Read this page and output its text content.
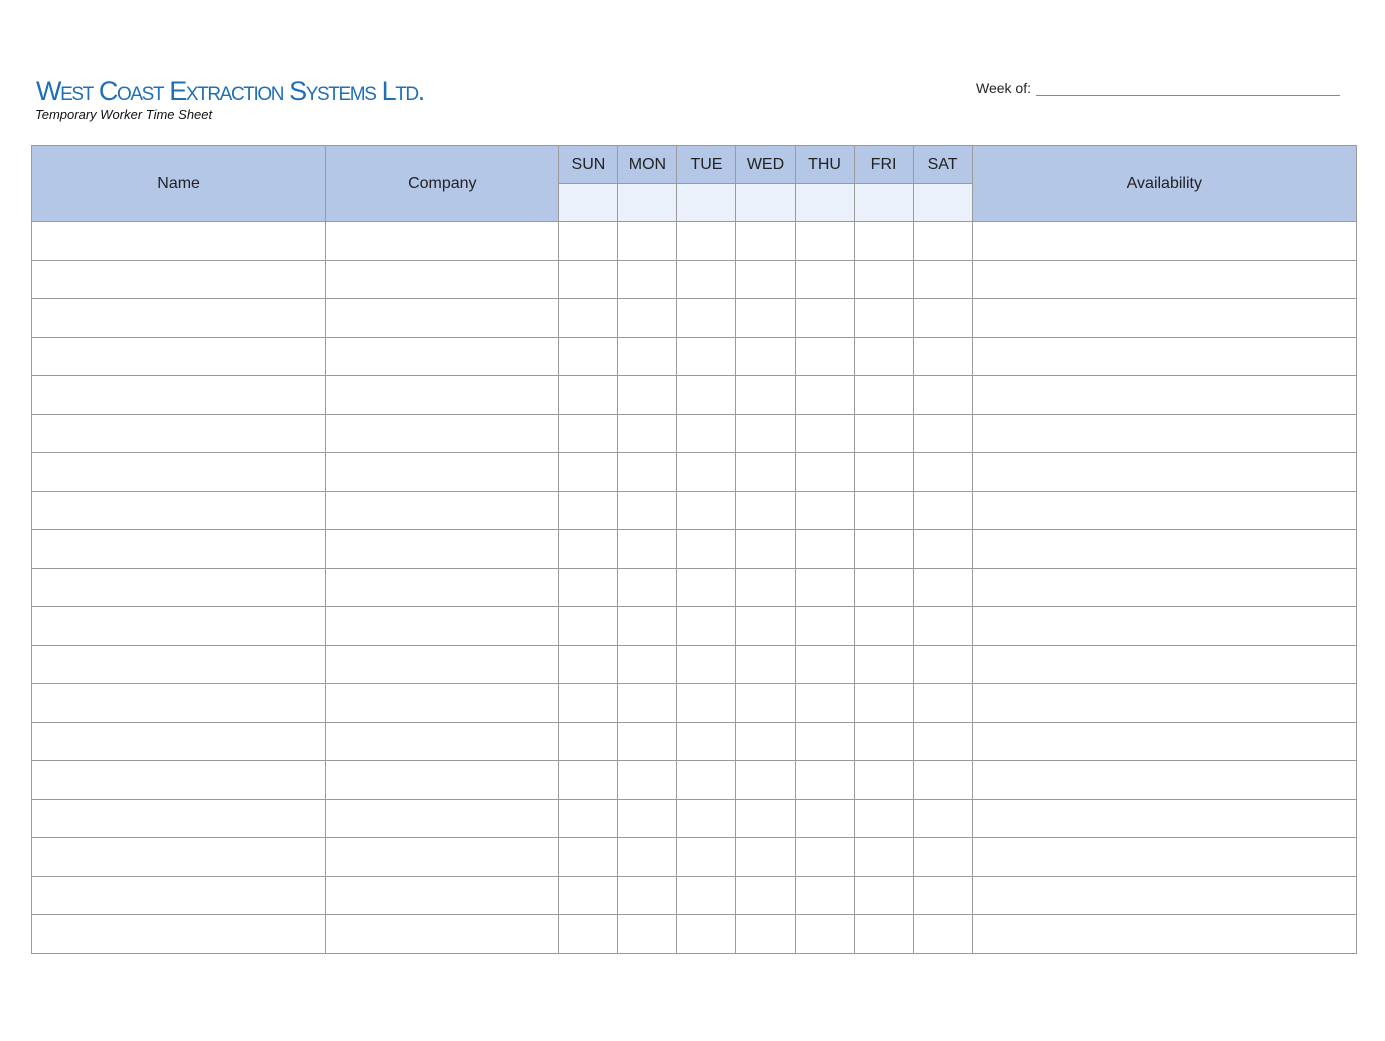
West Coast Extraction Systems Ltd.
Temporary Worker Time Sheet
Week of:
Name	Company	SUN	MON	TUE	WED	THU	FRI	SAT	Availability
